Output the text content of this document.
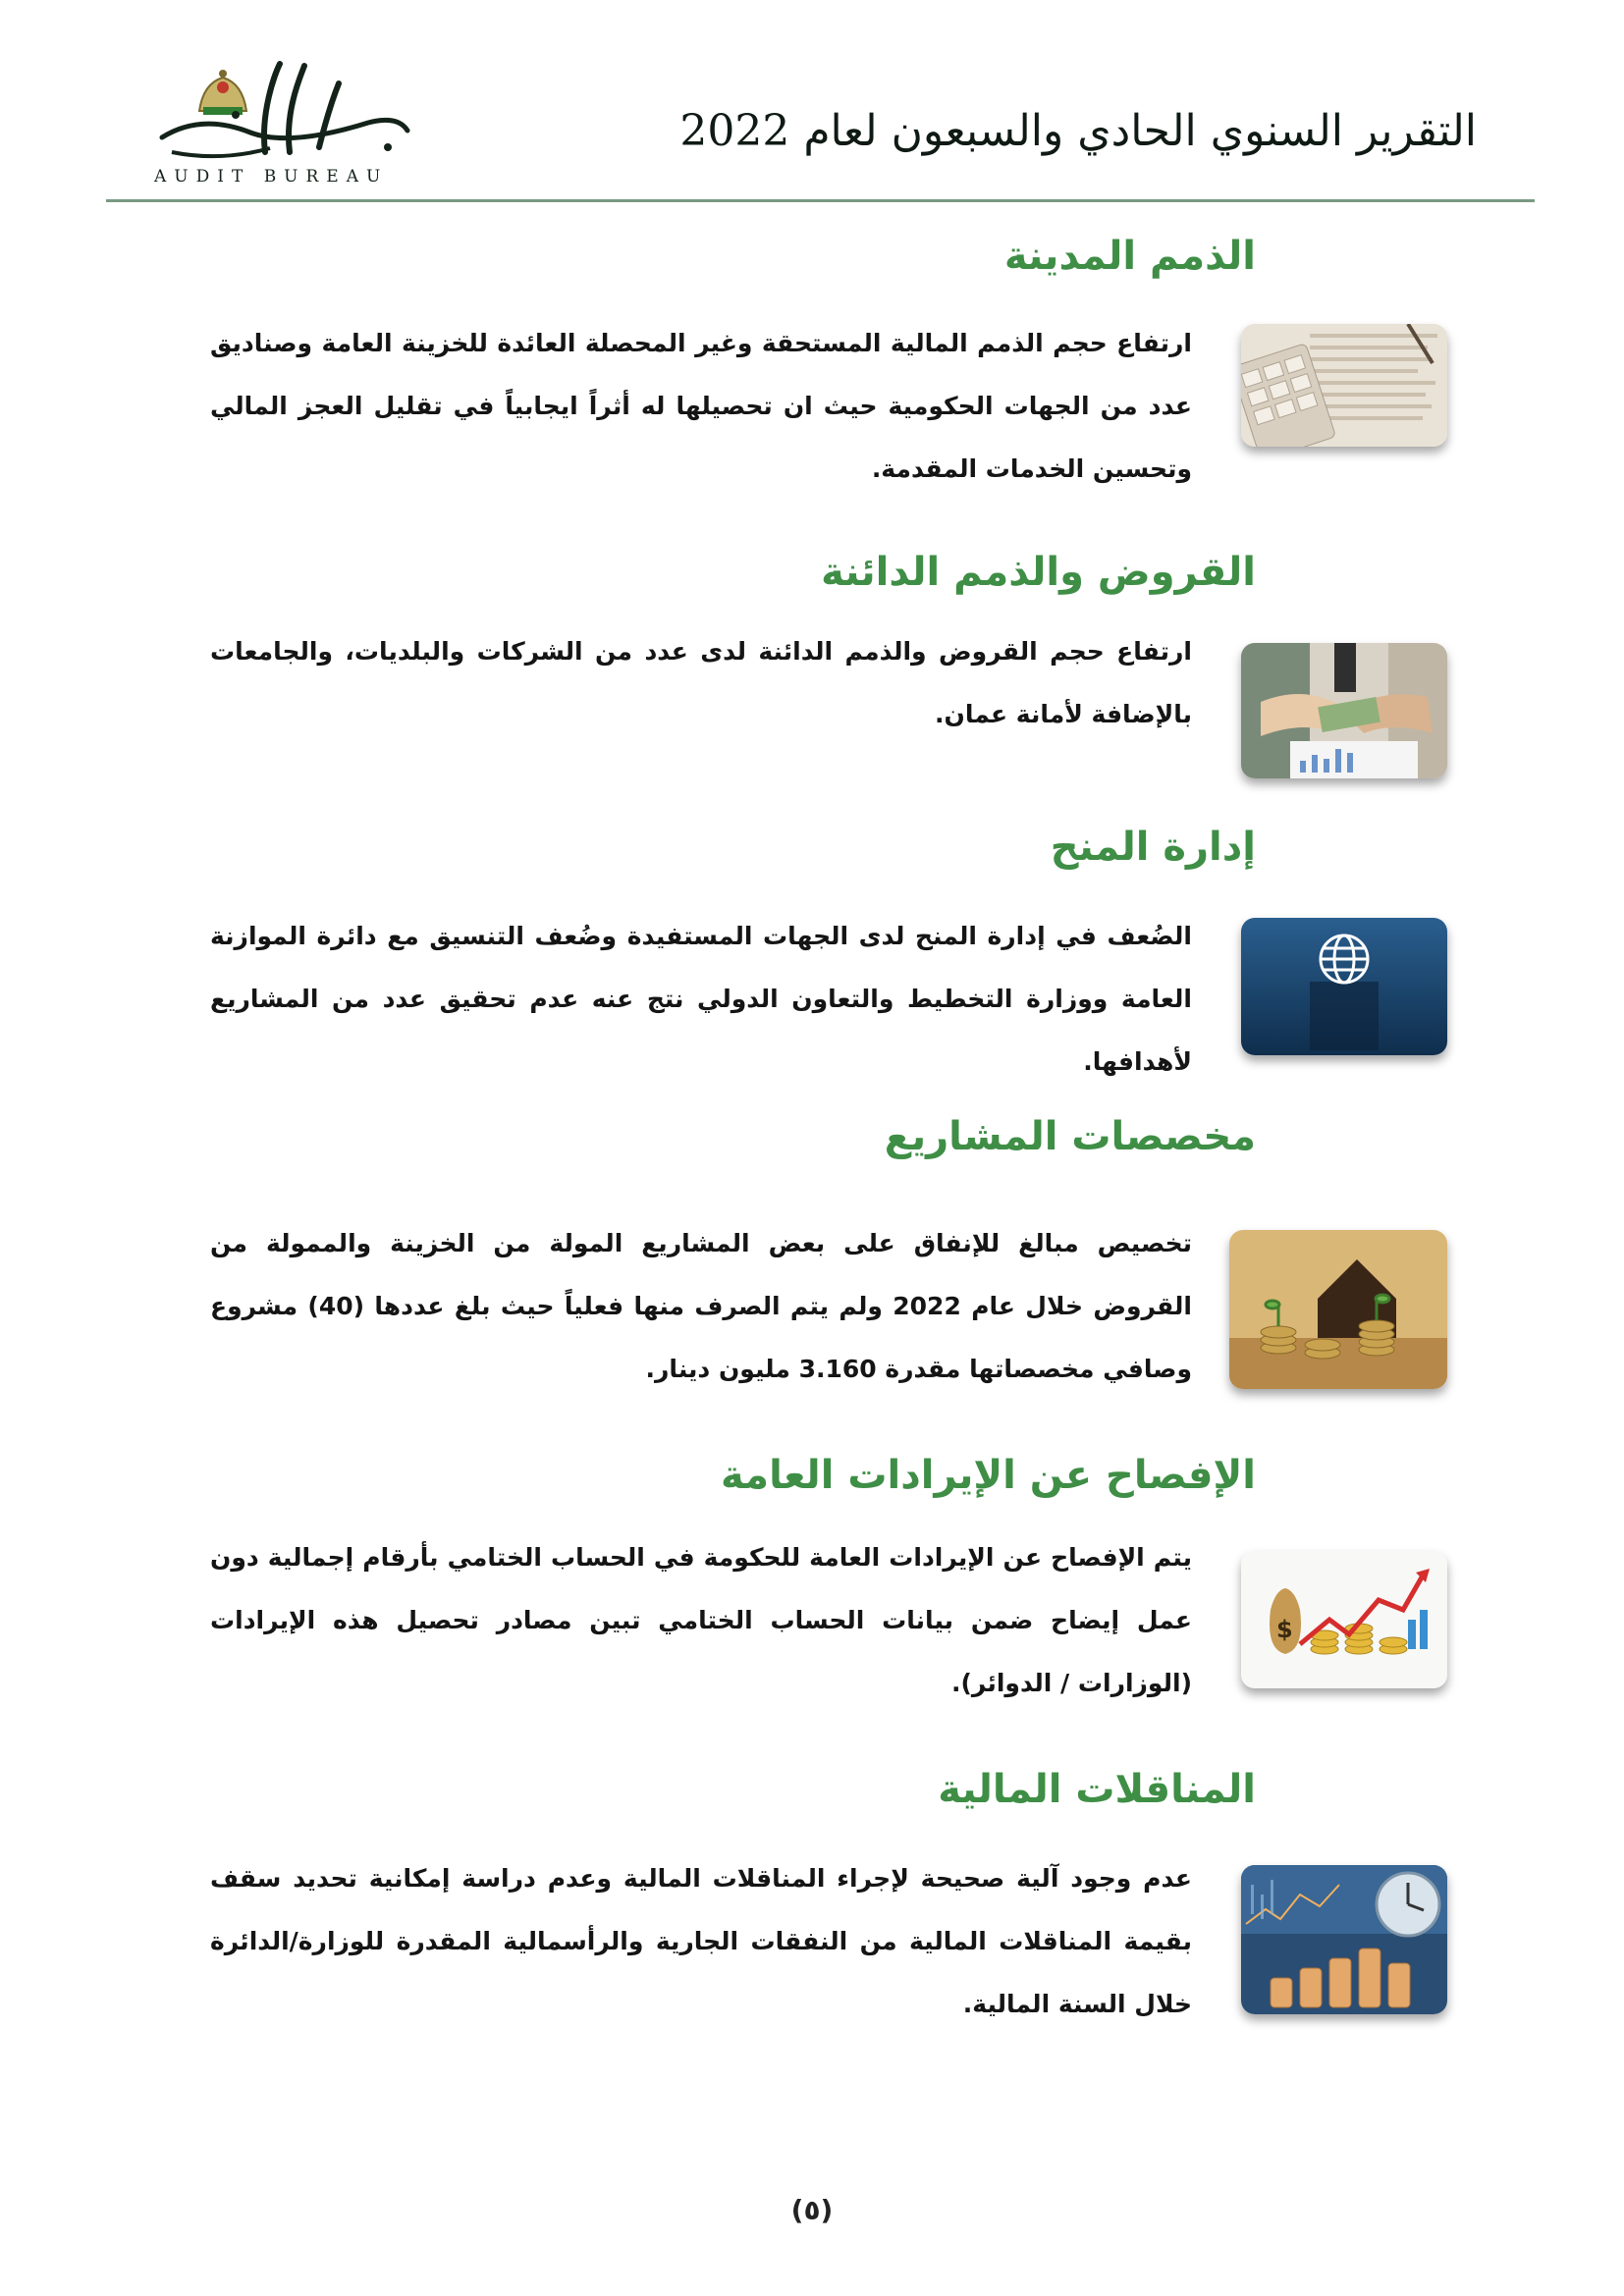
AUDIT BUREAU
التقرير السنوي الحادي والسبعون لعام 2022
الذمم المدينة
ارتفاع حجم الذمم المالية المستحقة وغير المحصلة العائدة للخزينة العامة وصناديق عدد من الجهات الحكومية حيث ان تحصيلها له أثراً ايجابياً في تقليل العجز المالي وتحسين الخدمات المقدمة.
القروض والذمم الدائنة
ارتفاع حجم القروض والذمم الدائنة لدى عدد من الشركات والبلديات، والجامعات بالإضافة لأمانة عمان.
إدارة المنح
الضُعف في إدارة المنح لدى الجهات المستفيدة وضُعف التنسيق مع دائرة الموازنة العامة ووزارة التخطيط والتعاون الدولي نتج عنه عدم تحقيق عدد من المشاريع لأهدافها.
مخصصات المشاريع
تخصيص مبالغ للإنفاق على بعض المشاريع المولة من الخزينة والممولة من القروض خلال عام 2022 ولم يتم الصرف منها فعلياً حيث بلغ عددها (40) مشروع وصافي مخصصاتها مقدرة 3.160 مليون دينار.
الإفصاح عن الإيرادات العامة
يتم الإفصاح عن الإيرادات العامة للحكومة في الحساب الختامي بأرقام إجمالية دون عمل إيضاح ضمن بيانات الحساب الختامي تبين مصادر تحصيل هذه الإيرادات (الوزارات / الدوائر).
$
المناقلات المالية
عدم وجود آلية صحيحة لإجراء المناقلات المالية وعدم دراسة إمكانية تحديد سقف بقيمة المناقلات المالية من النفقات الجارية والرأسمالية المقدرة للوزارة/الدائرة خلال السنة المالية.
(٥)
